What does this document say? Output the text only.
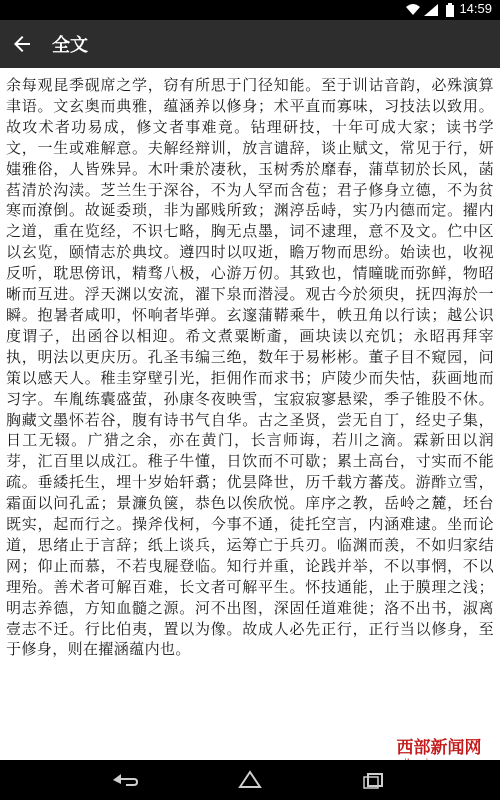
14:59
全文
余每观昆季砚席之学，窃有所思于门径知能。至于训诂音韵，必殊演算聿语。文玄奥而典雅，蕴涵养以修身；术平直而寡味，习技法以致用。故攻术者功易成，修文者事难竟。钻理研技，十年可成大家；读书学文，一生或难解意。夫解经辩训，放言谴辞，谈止赋文，常见于行，妍媸雅俗，人皆殊异。木叶秉於凄秋，玉树秀於靡春，蒲草韧於长风，菡萏清於沟渎。芝兰生于深谷，不为人罕而含苞；君子修身立德，不为贫寒而潦倒。故诞委琐，非为鄙贱所致；渊渟岳峙，实乃内德而定。擢内之道，重在览经，不识七略，胸无点墨，词不逮理，意不及文。伫中区以玄览，颐情志於典坟。遵四时以叹逝，瞻万物而思纷。始读也，收视反听，耽思傍讯，精骛八极，心游万仞。其致也，情曈昽而弥鲜，物昭晰而互进。浮天渊以安流，濯下泉而潜浸。观古今於须臾，抚四海於一瞬。抱暑者咸叩，怀响者毕弹。玄邃蒲鞯乘牛，帙丑角以行读；越公识度谓子，出函谷以相迎。希文煮粟断齑，画块读以充饥；永昭再拜宰执，明法以更庆历。孔圣韦编三绝，数年于易彬彬。董子目不窥园，问策以感天人。稚圭穿壁引光，拒佣作而求书；庐陵少而失怙，荻画地而习字。车胤练囊盛萤，孙康冬夜映雪，宝寂寂寥悬梁，季子锥股不休。胸藏文墨怀若谷，腹有诗书气自华。古之圣贤，尝无自丁，经史子集，日工无辍。广猎之余，亦在黄门，长言师诲，若川之滴。霖新田以润芽，汇百里以成江。稚子牛懂，日饮而不可歇；累土高台，寸实而不能疏。垂緌托生，埋十岁始轩翥；优昙降世，历千载方蕃茂。游酢立雪，霜面以问孔孟；景濂负箧，恭色以俟欣悦。庠序之教，岳岭之麓，坯台既实，起而行之。操斧伐柯，今事不通，徒托空言，内涵难逮。坐而论道，思绪止于言辞；纸上谈兵，运筹亡于兵刃。临渊而羡，不如归家结网；仰止而慕，不若曳屣登临。知行并重，论践并举，不以事惘，不以理殆。善术者可解百难，长文者可解平生。怀技通能，止于膜理之浅；明志养德，方知血髓之源。河不出图，深固任道难徙；洛不出书，淑离壹志不迁。行比伯夷，置以为像。故成人必先正行，正行当以修身，至于修身，则在擢涵蕴内也。
西部新闻网
